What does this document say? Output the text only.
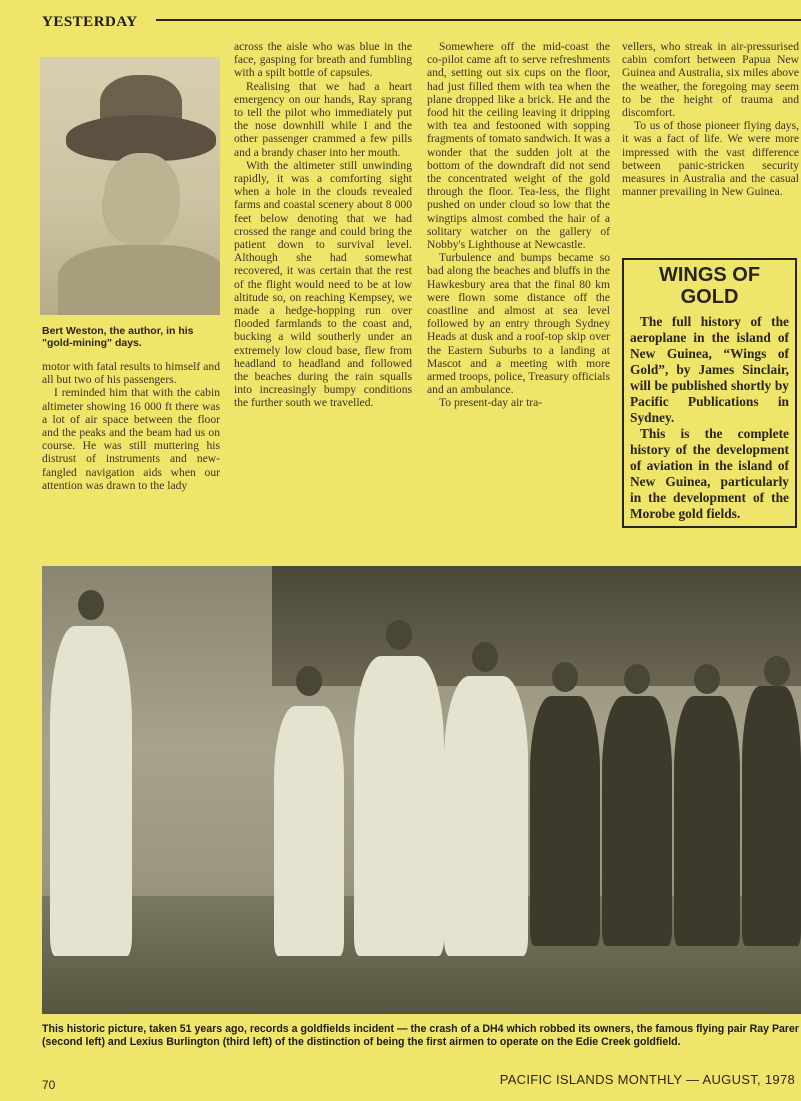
YESTERDAY
Bert Weston, the author, in his "gold-mining" days.

motor with fatal results to himself and all but two of his passengers.

I reminded him that with the cabin altimeter showing 16 000 ft there was a lot of air space between the floor and the peaks and the beam had us on course. He was still muttering his distrust of instruments and new-fangled navigation aids when our attention was drawn to the lady

across the aisle who was blue in the face, gasping for breath and fumbling with a spilt bottle of capsules.

Realising that we had a heart emergency on our hands, Ray sprang to tell the pilot who immediately put the nose downhill while I and the other passenger crammed a few pills and a brandy chaser into her mouth.

With the altimeter still unwinding rapidly, it was a comforting sight when a hole in the clouds revealed farms and coastal scenery about 8 000 feet below denoting that we had crossed the range and could bring the patient down to survival level. Although she had somewhat recovered, it was certain that the rest of the flight would need to be at low altitude so, on reaching Kempsey, we made a hedge-hopping run over flooded farmlands to the coast and, bucking a wild southerly under an extremely low cloud base, flew from headland to headland and followed the beaches during the rain squalls into increasingly bumpy conditions the further south we travelled.

Somewhere off the mid-coast the co-pilot came aft to serve refreshments and, setting out six cups on the floor, had just filled them with tea when the plane dropped like a brick. He and the food hit the ceiling leaving it dripping with tea and festooned with sopping fragments of tomato sandwich. It was a wonder that the sudden jolt at the bottom of the downdraft did not send the concentrated weight of the gold through the floor. Tea-less, the flight pushed on under cloud so low that the wingtips almost combed the hair of a solitary watcher on the gallery of Nobby's Lighthouse at Newcastle.

Turbulence and bumps became so bad along the beaches and bluffs in the Hawkesbury area that the final 80 km were flown some distance off the coastline and almost at sea level followed by an entry through Sydney Heads at dusk and a roof-top skip over the Eastern Suburbs to a landing at Mascot and a meeting with more armed troops, police, Treasury officials and an ambulance.

To present-day air tra-

vellers, who streak in air-pressurised cabin comfort between Papua New Guinea and Australia, six miles above the weather, the foregoing may seem to be the height of trauma and discomfort.

To us of those pioneer flying days, it was a fact of life. We were more impressed with the vast difference between panic-stricken security measures in Australia and the casual manner prevailing in New Guinea.

WINGS OF GOLD

The full history of the aeroplane in the island of New Guinea, “Wings of Gold”, by James Sinclair, will be published shortly by Pacific Publications in Sydney.

This is the complete history of the development of aviation in the island of New Guinea, particularly in the development of the Morobe gold fields.

This historic picture, taken 51 years ago, records a goldfields incident — the crash of a DH4 which robbed its owners, the famous flying pair Ray Parer (second left) and Lexius Burlington (third left) of the distinction of being the first airmen to operate on the Edie Creek goldfield.
70	PACIFIC ISLANDS MONTHLY — AUGUST, 1978
